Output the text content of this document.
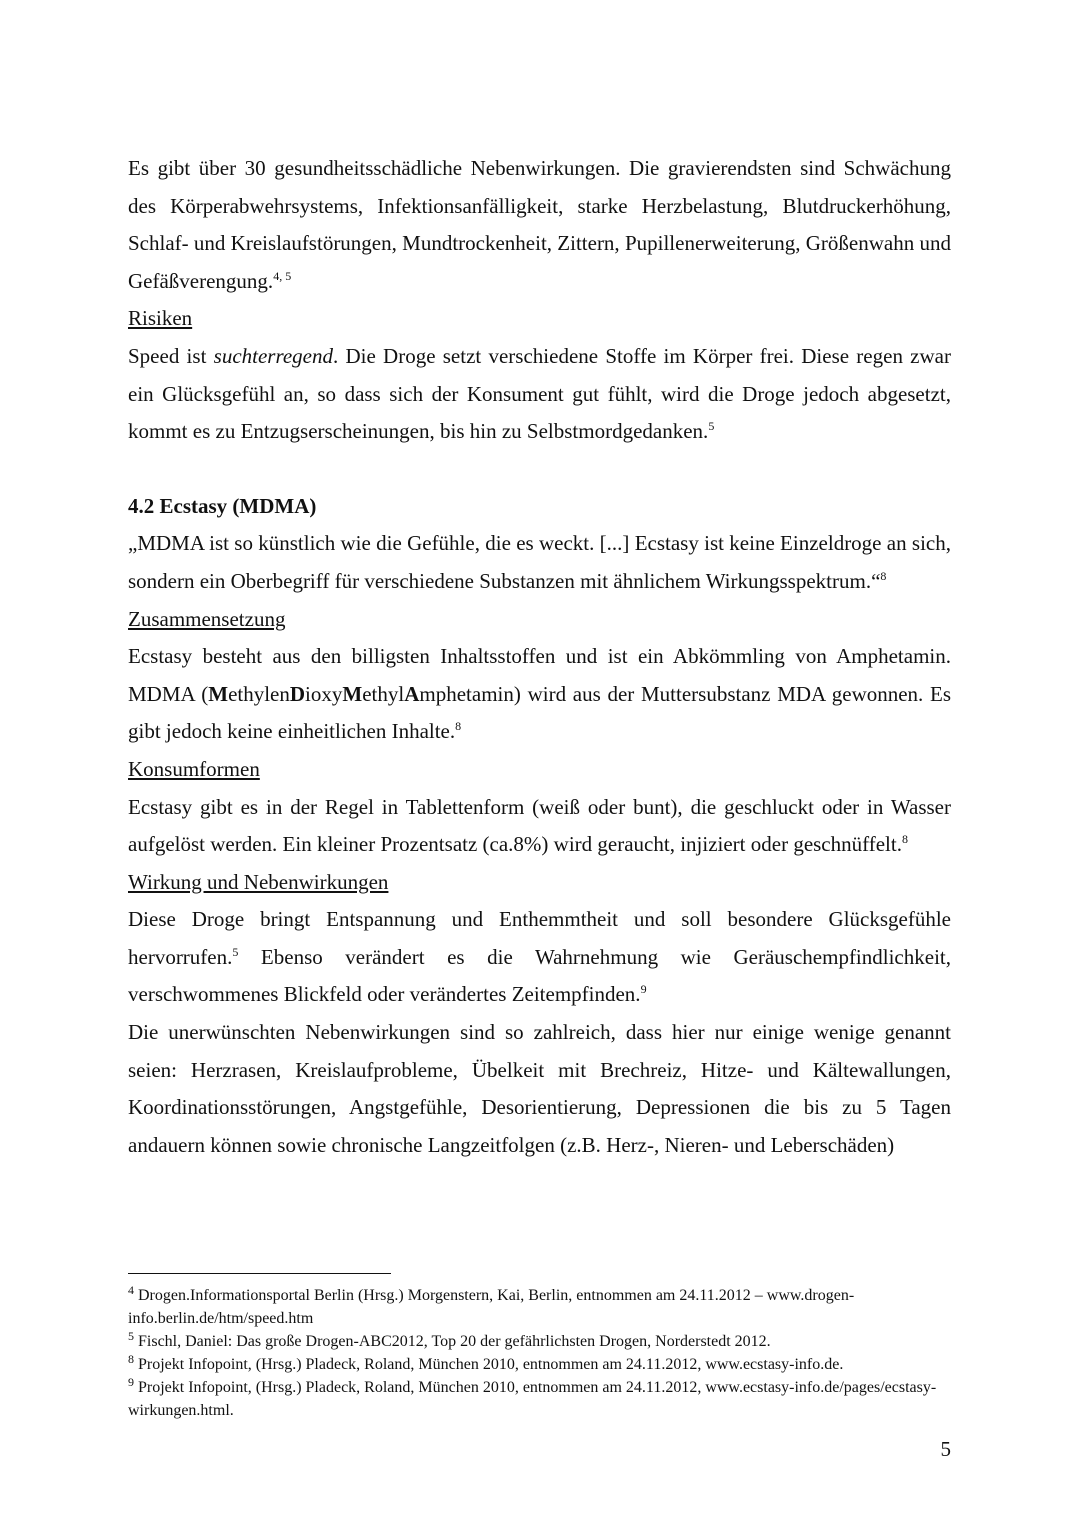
Es gibt über 30 gesundheitsschädliche Nebenwirkungen. Die gravierendsten sind Schwächung des Körperabwehrsystems, Infektionsanfälligkeit, starke Herzbelastung, Blutdruckerhöhung, Schlaf- und Kreislaufstörungen, Mundtrockenheit, Zittern, Pupillenerweiterung, Größenwahn und Gefäßverengung.$^{4, 5}$

Risiken

Speed ist suchterregend. Die Droge setzt verschiedene Stoffe im Körper frei. Diese regen zwar ein Glücksgefühl an, so dass sich der Konsument gut fühlt, wird die Droge jedoch abgesetzt, kommt es zu Entzugserscheinungen, bis hin zu Selbstmordgedanken.$^5$

4.2 Ecstasy (MDMA)

„MDMA ist so künstlich wie die Gefühle, die es weckt. [...] Ecstasy ist keine Einzeldroge an sich, sondern ein Oberbegriff für verschiedene Substanzen mit ähnlichem Wirkungsspektrum.“$^8$

Zusammensetzung

Ecstasy besteht aus den billigsten Inhaltsstoffen und ist ein Abkömmling von Amphetamin. MDMA (MethylenDioxyMethylAmphetamin) wird aus der Muttersubstanz MDA gewonnen. Es gibt jedoch keine einheitlichen Inhalte.$^8$

Konsumformen

Ecstasy gibt es in der Regel in Tablettenform (weiß oder bunt), die geschluckt oder in Wasser aufgelöst werden. Ein kleiner Prozentsatz (ca.8%) wird geraucht, injiziert oder geschnüffelt.$^8$

Wirkung und Nebenwirkungen

Diese Droge bringt Entspannung und Enthemmtheit und soll besondere Glücksgefühle hervorrufen.$^5$ Ebenso verändert es die Wahrnehmung wie Geräuschempfindlichkeit, verschwommenes Blickfeld oder verändertes Zeitempfinden.$^9$

Die unerwünschten Nebenwirkungen sind so zahlreich, dass hier nur einige wenige genannt seien: Herzrasen, Kreislaufprobleme, Übelkeit mit Brechreiz, Hitze- und Kältewallungen, Koordinationsstörungen, Angstgefühle, Desorientierung, Depressionen die bis zu 5 Tagen andauern können sowie chronische Langzeitfolgen (z.B. Herz-, Nieren- und Leberschäden)

$^4$ Drogen.Informationsportal Berlin (Hrsg.) Morgenstern, Kai, Berlin, entnommen am 24.11.2012 – www.drogen-info.berlin.de/htm/speed.htm

$^5$ Fischl, Daniel: Das große Drogen-ABC2012, Top 20 der gefährlichsten Drogen, Norderstedt 2012.

$^8$ Projekt Infopoint, (Hrsg.) Pladeck, Roland, München 2010, entnommen am 24.11.2012, www.ecstasy-info.de.

$^9$ Projekt Infopoint, (Hrsg.) Pladeck, Roland, München 2010, entnommen am 24.11.2012, www.ecstasy-info.de/pages/ecstasy-wirkungen.html.

5
